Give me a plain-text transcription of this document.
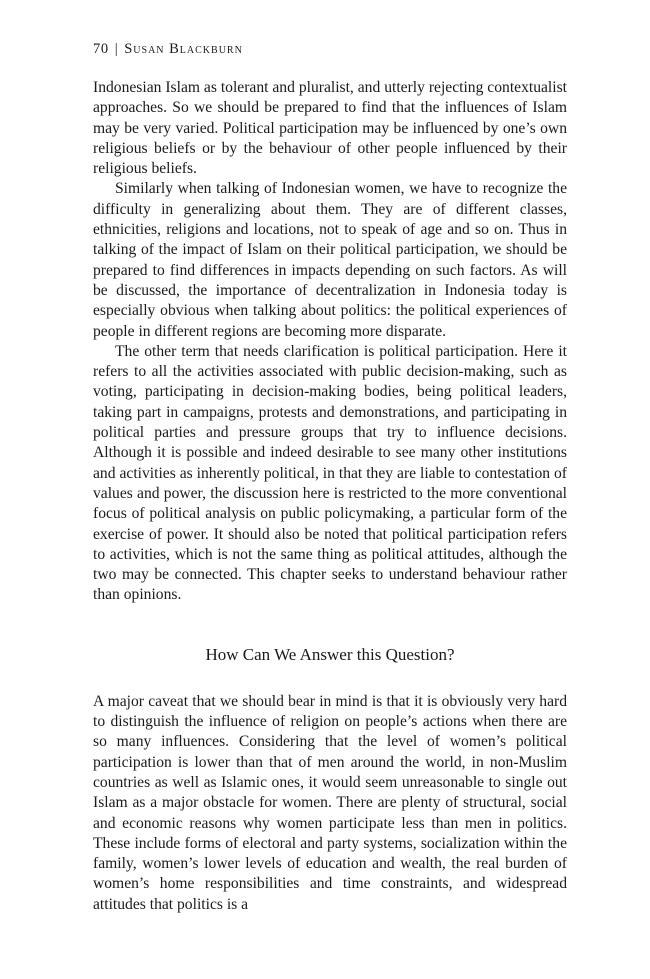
70 | Susan Blackburn

Indonesian Islam as tolerant and pluralist, and utterly rejecting contextualist approaches. So we should be prepared to find that the influences of Islam may be very varied. Political participation may be influenced by one’s own religious beliefs or by the behaviour of other people influenced by their religious beliefs.

Similarly when talking of Indonesian women, we have to recognize the difficulty in generalizing about them. They are of different classes, ethnicities, religions and locations, not to speak of age and so on. Thus in talking of the impact of Islam on their political participation, we should be prepared to find differences in impacts depending on such factors. As will be discussed, the importance of decentralization in Indonesia today is especially obvious when talking about politics: the political experiences of people in different regions are becoming more disparate.

The other term that needs clarification is political participation. Here it refers to all the activities associated with public decision-making, such as voting, participating in decision-making bodies, being political leaders, taking part in campaigns, protests and demonstrations, and participating in political parties and pressure groups that try to influence decisions. Although it is possible and indeed desirable to see many other institutions and activities as inherently political, in that they are liable to contestation of values and power, the discussion here is restricted to the more conventional focus of political analysis on public policymaking, a particular form of the exercise of power. It should also be noted that political participation refers to activities, which is not the same thing as political attitudes, although the two may be connected. This chapter seeks to understand behaviour rather than opinions.

How Can We Answer this Question?

A major caveat that we should bear in mind is that it is obviously very hard to distinguish the influence of religion on people’s actions when there are so many influences. Considering that the level of women’s political participation is lower than that of men around the world, in non-Muslim countries as well as Islamic ones, it would seem unreasonable to single out Islam as a major obstacle for women. There are plenty of structural, social and economic reasons why women participate less than men in politics. These include forms of electoral and party systems, socialization within the family, women’s lower levels of education and wealth, the real burden of women’s home responsibilities and time constraints, and widespread attitudes that politics is a
